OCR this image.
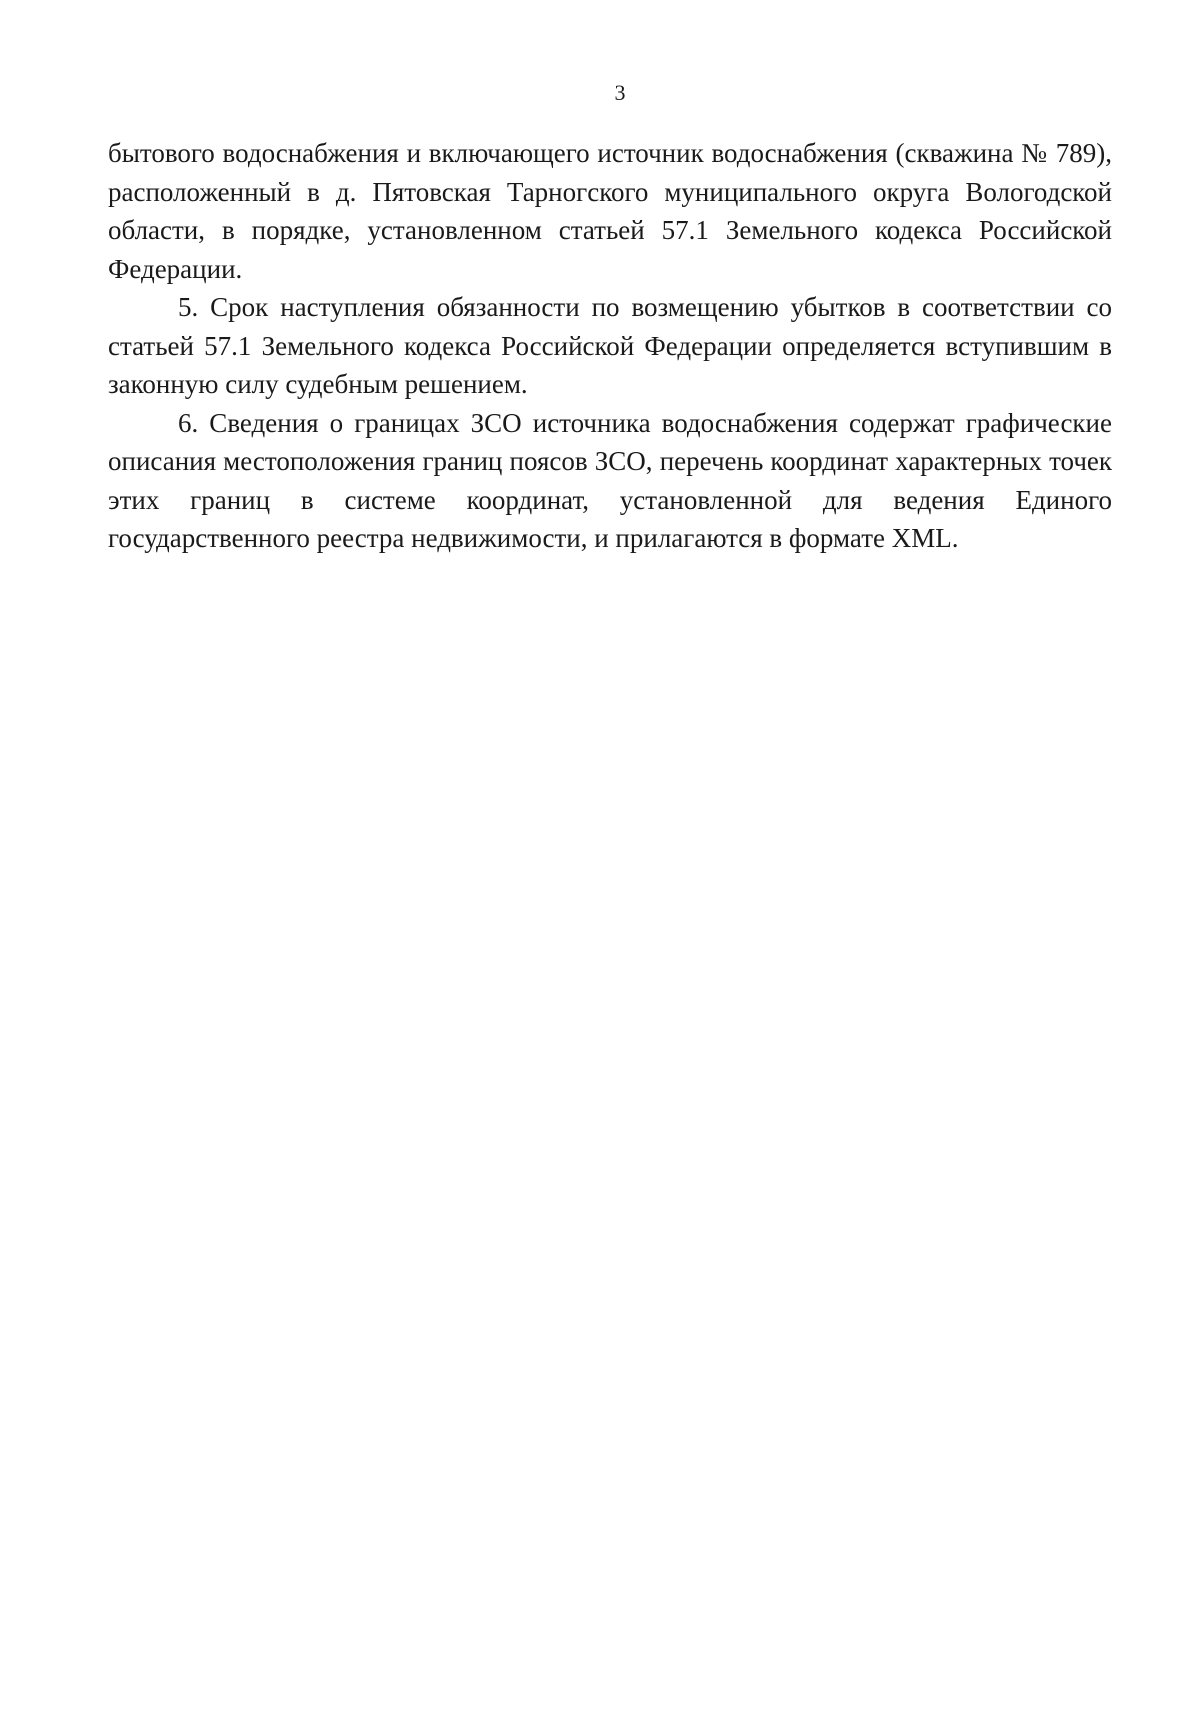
3

бытового водоснабжения и включающего источник водоснабжения (скважина № 789), расположенный в д. Пятовская Тарногского муниципального округа Вологодской области, в порядке, установленном статьей 57.1 Земельного кодекса Российской Федерации.

5. Срок наступления обязанности по возмещению убытков в соответствии со статьей 57.1 Земельного кодекса Российской Федерации определяется вступившим в законную силу судебным решением.

6. Сведения о границах ЗСО источника водоснабжения содержат графические описания местоположения границ поясов ЗСО, перечень координат характерных точек этих границ в системе координат, установленной для ведения Единого государственного реестра недвижимости, и прилагаются в формате XML.
